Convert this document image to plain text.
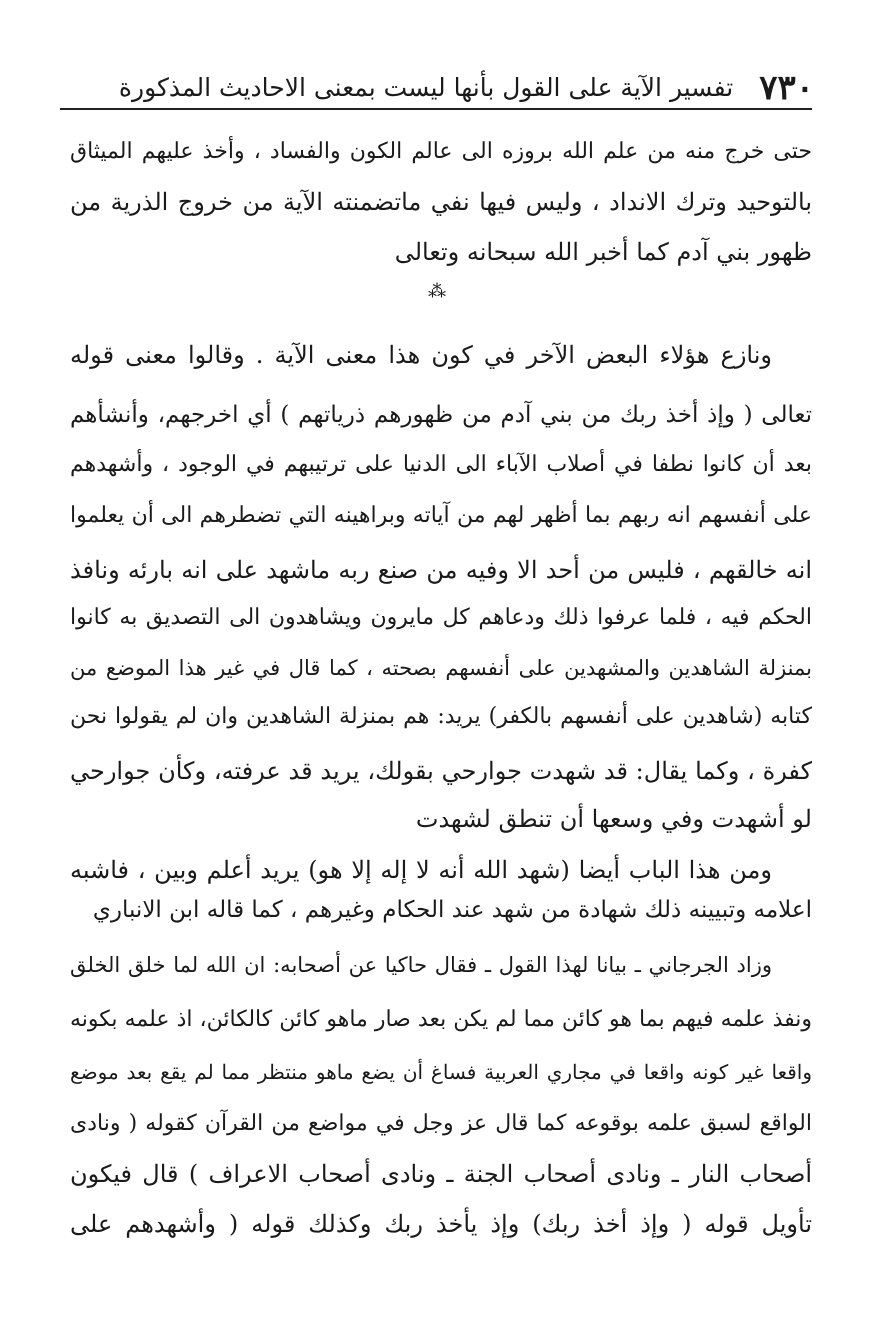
٧٣٠
تفسير الآية على القول بأنها ليست بمعنى الاحاديث المذكورة
حتى خرج منه من علم الله بروزه الى عالم الكون والفساد ، وأخذ عليهم الميثاق
بالتوحيد وترك الانداد ، وليس فيها نفي ماتضمنته الآية من خروج الذرية من
ظهور بني آدم كما أخبر الله سبحانه وتعالى
⁂
ونازع هؤلاء البعض الآخر في كون هذا معنى الآية . وقالوا معنى قوله
تعالى ( وإذ أخذ ربك من بني آدم من ظهورهم ذرياتهم ) أي اخرجهم، وأنشأهم
بعد أن كانوا نطفا في أصلاب الآباء الى الدنيا على ترتيبهم في الوجود ، وأشهدهم
على أنفسهم انه ربهم بما أظهر لهم من آياته وبراهينه التي تضطرهم الى أن يعلموا
انه خالقهم ، فليس من أحد الا وفيه من صنع ربه ماشهد على انه بارئه ونافذ
الحكم فيه ، فلما عرفوا ذلك ودعاهم كل مايرون ويشاهدون الى التصديق به كانوا
بمنزلة الشاهدين والمشهدين على أنفسهم بصحته ، كما قال في غير هذا الموضع من
كتابه (شاهدين على أنفسهم بالكفر) يريد: هم بمنزلة الشاهدين وان لم يقولوا نحن
كفرة ، وكما يقال: قد شهدت جوارحي بقولك، يريد قد عرفته، وكأن جوارحي
لو أشهدت وفي وسعها أن تنطق لشهدت
ومن هذا الباب أيضا (شهد الله أنه لا إله إلا هو) يريد أعلم وبين ، فاشبه
اعلامه وتبيينه ذلك شهادة من شهد عند الحكام وغيرهم ، كما قاله ابن الانباري
وزاد الجرجاني ـ بيانا لهذا القول ـ فقال حاكيا عن أصحابه: ان الله لما خلق الخلق
ونفذ علمه فيهم بما هو كائن مما لم يكن بعد صار ماهو كائن كالكائن، اذ علمه بكونه
واقعا غير كونه واقعا في مجاري العربية فساغ أن يضع ماهو منتظر مما لم يقع بعد موضع
الواقع لسبق علمه بوقوعه كما قال عز وجل في مواضع من القرآن كقوله ( ونادى
أصحاب النار ـ ونادى أصحاب الجنة ـ ونادى أصحاب الاعراف ) قال فيكون
تأويل قوله ( وإذ أخذ ربك) وإذ يأخذ ربك وكذلك قوله ( وأشهدهم على
